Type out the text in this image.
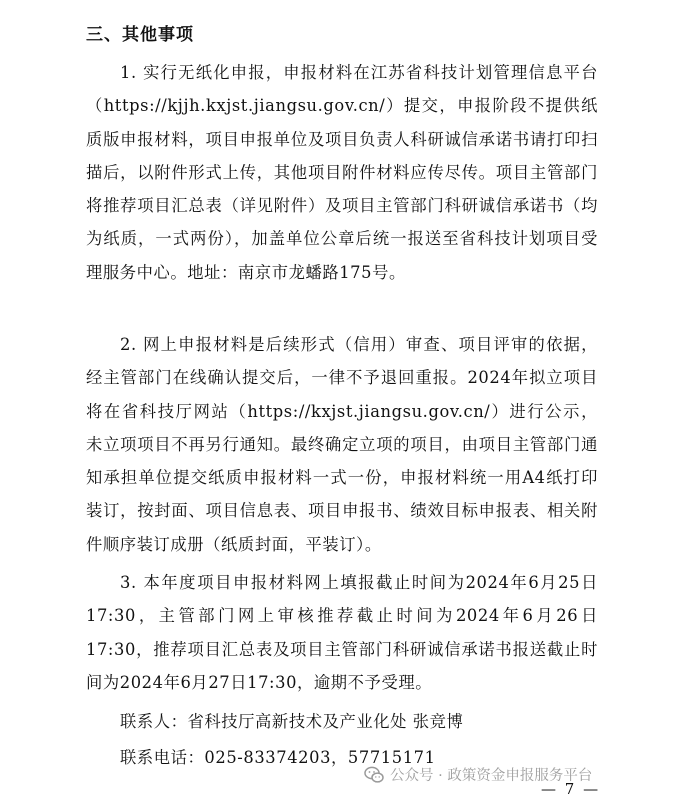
三、其他事项

1. 实行无纸化申报，申报材料在江苏省科技计划管理信息平台（https://kjjh.kxjst.jiangsu.gov.cn/）提交，申报阶段不提供纸质版申报材料，项目申报单位及项目负责人科研诚信承诺书请打印扫描后，以附件形式上传，其他项目附件材料应传尽传。项目主管部门将推荐项目汇总表（详见附件）及项目主管部门科研诚信承诺书（均为纸质，一式两份），加盖单位公章后统一报送至省科技计划项目受理服务中心。地址：南京市龙蟠路175号。

2. 网上申报材料是后续形式（信用）审查、项目评审的依据，经主管部门在线确认提交后，一律不予退回重报。2024年拟立项目将在省科技厅网站（https://kxjst.jiangsu.gov.cn/）进行公示，未立项项目不再另行通知。最终确定立项的项目，由项目主管部门通知承担单位提交纸质申报材料一式一份，申报材料统一用A4纸打印装订，按封面、项目信息表、项目申报书、绩效目标申报表、相关附件顺序装订成册（纸质封面，平装订）。

3. 本年度项目申报材料网上填报截止时间为2024年6月25日17:30，主管部门网上审核推荐截止时间为2024年6月26日17:30，推荐项目汇总表及项目主管部门科研诚信承诺书报送截止时间为2024年6月27日17:30，逾期不予受理。

联系人：省科技厅高新技术及产业化处 张竞博
联系电话：025-83374203，57715171
公众号 · 政策资金申报服务平台
— 7 —
